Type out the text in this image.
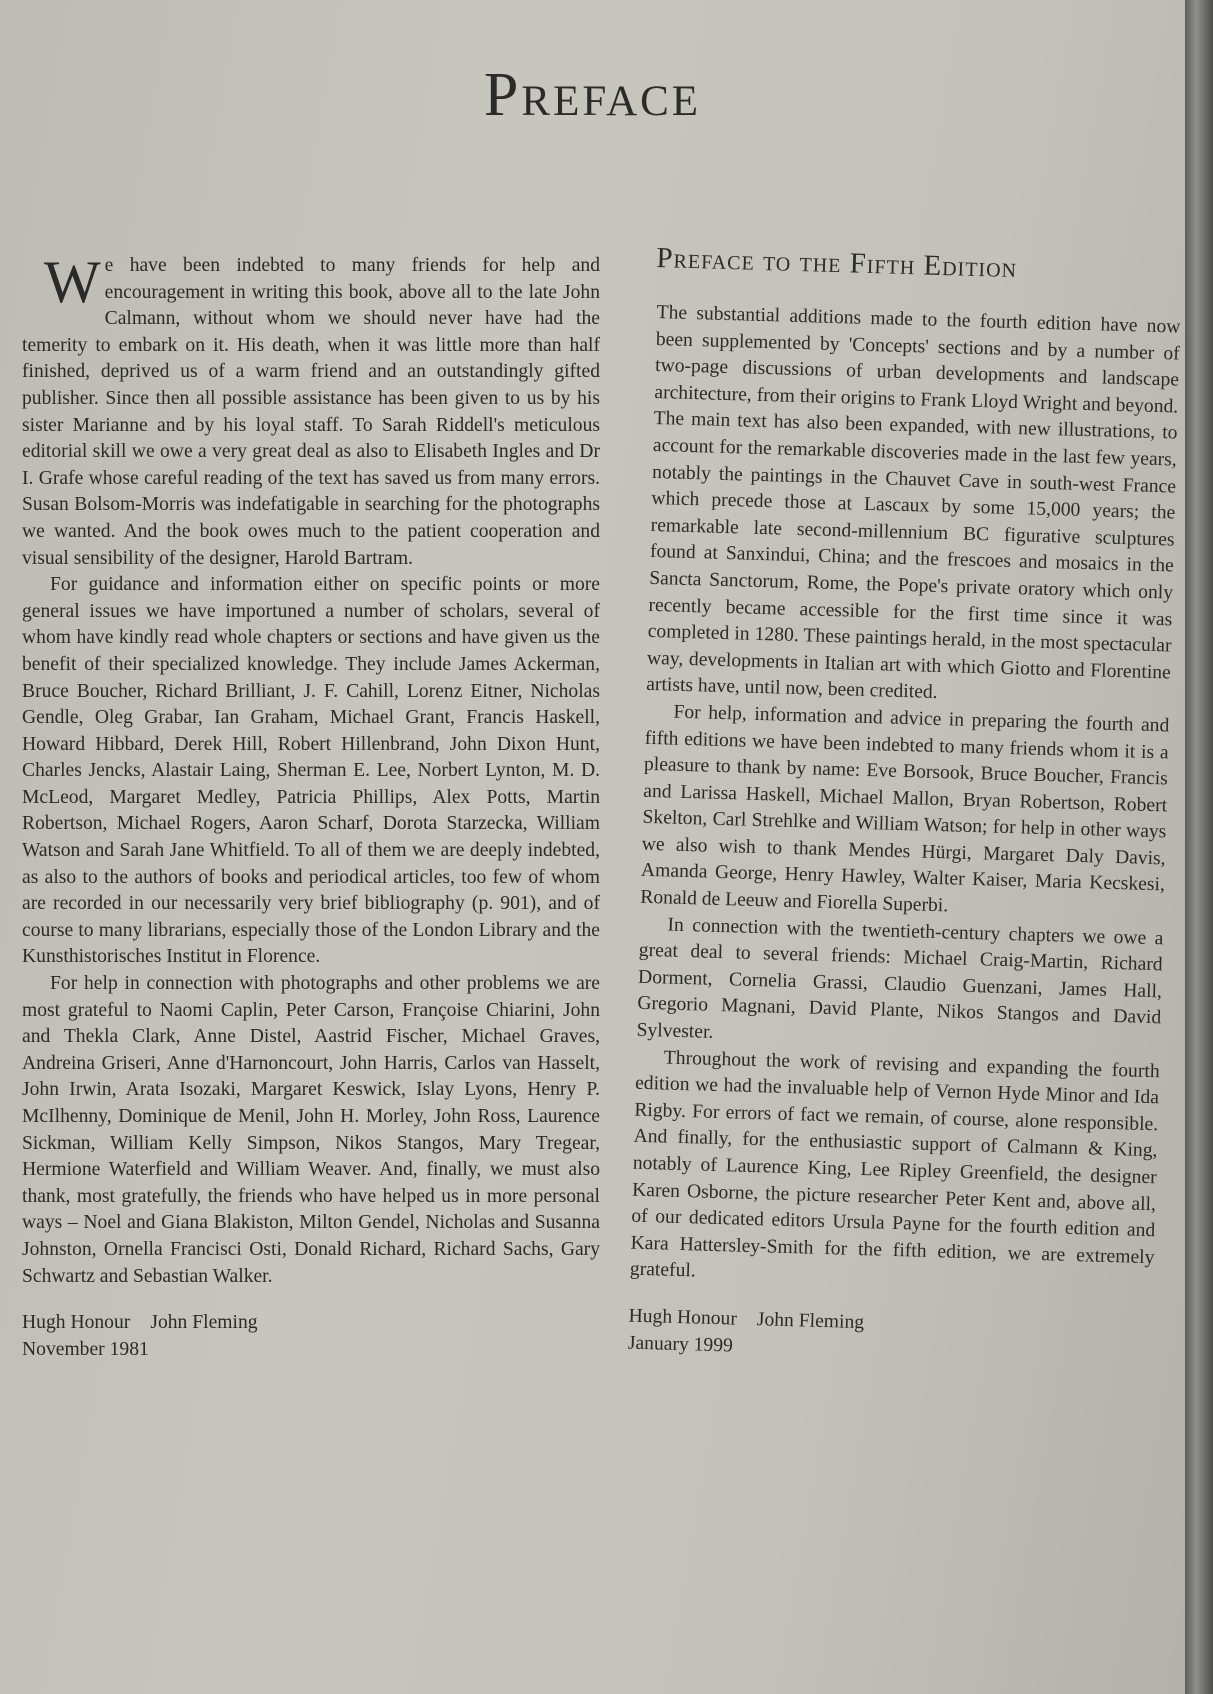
Preface

We have been indebted to many friends for help and encouragement in writing this book, above all to the late John Calmann, without whom we should never have had the temerity to embark on it. His death, when it was little more than half finished, deprived us of a warm friend and an outstandingly gifted publisher. Since then all possible assistance has been given to us by his sister Marianne and by his loyal staff. To Sarah Riddell's meticulous editorial skill we owe a very great deal as also to Elisabeth Ingles and Dr I. Grafe whose careful reading of the text has saved us from many errors. Susan Bolsom-Morris was indefatigable in searching for the photographs we wanted. And the book owes much to the patient cooperation and visual sensibility of the designer, Harold Bartram.

For guidance and information either on specific points or more general issues we have importuned a number of scholars, several of whom have kindly read whole chapters or sections and have given us the benefit of their specialized knowledge. They include James Ackerman, Bruce Boucher, Richard Brilliant, J. F. Cahill, Lorenz Eitner, Nicholas Gendle, Oleg Grabar, Ian Graham, Michael Grant, Francis Haskell, Howard Hibbard, Derek Hill, Robert Hillenbrand, John Dixon Hunt, Charles Jencks, Alastair Laing, Sherman E. Lee, Norbert Lynton, M. D. McLeod, Margaret Medley, Patricia Phillips, Alex Potts, Martin Robertson, Michael Rogers, Aaron Scharf, Dorota Starzecka, William Watson and Sarah Jane Whitfield. To all of them we are deeply indebted, as also to the authors of books and periodical articles, too few of whom are recorded in our necessarily very brief bibliography (p. 901), and of course to many librarians, especially those of the London Library and the Kunsthistorisches Institut in Florence.

For help in connection with photographs and other problems we are most grateful to Naomi Caplin, Peter Carson, Françoise Chiarini, John and Thekla Clark, Anne Distel, Aastrid Fischer, Michael Graves, Andreina Griseri, Anne d'Harnoncourt, John Harris, Carlos van Hasselt, John Irwin, Arata Isozaki, Margaret Keswick, Islay Lyons, Henry P. McIlhenny, Dominique de Menil, John H. Morley, John Ross, Laurence Sickman, William Kelly Simpson, Nikos Stangos, Mary Tregear, Hermione Waterfield and William Weaver. And, finally, we must also thank, most gratefully, the friends who have helped us in more personal ways – Noel and Giana Blakiston, Milton Gendel, Nicholas and Susanna Johnston, Ornella Francisci Osti, Donald Richard, Richard Sachs, Gary Schwartz and Sebastian Walker.

Hugh Honour John Fleming
November 1981
Preface to the Fifth Edition

The substantial additions made to the fourth edition have now been supplemented by 'Concepts' sections and by a number of two-page discussions of urban developments and landscape architecture, from their origins to Frank Lloyd Wright and beyond. The main text has also been expanded, with new illustrations, to account for the remarkable discoveries made in the last few years, notably the paintings in the Chauvet Cave in south-west France which precede those at Lascaux by some 15,000 years; the remarkable late second-millennium BC figurative sculptures found at Sanxindui, China; and the frescoes and mosaics in the Sancta Sanctorum, Rome, the Pope's private oratory which only recently became accessible for the first time since it was completed in 1280. These paintings herald, in the most spectacular way, developments in Italian art with which Giotto and Florentine artists have, until now, been credited.

For help, information and advice in preparing the fourth and fifth editions we have been indebted to many friends whom it is a pleasure to thank by name: Eve Borsook, Bruce Boucher, Francis and Larissa Haskell, Michael Mallon, Bryan Robertson, Robert Skelton, Carl Strehlke and William Watson; for help in other ways we also wish to thank Mendes Hürgi, Margaret Daly Davis, Amanda George, Henry Hawley, Walter Kaiser, Maria Kecskesi, Ronald de Leeuw and Fiorella Superbi.

In connection with the twentieth-century chapters we owe a great deal to several friends: Michael Craig-Martin, Richard Dorment, Cornelia Grassi, Claudio Guenzani, James Hall, Gregorio Magnani, David Plante, Nikos Stangos and David Sylvester.

Throughout the work of revising and expanding the fourth edition we had the invaluable help of Vernon Hyde Minor and Ida Rigby. For errors of fact we remain, of course, alone responsible. And finally, for the enthusiastic support of Calmann & King, notably of Laurence King, Lee Ripley Greenfield, the designer Karen Osborne, the picture researcher Peter Kent and, above all, of our dedicated editors Ursula Payne for the fourth edition and Kara Hattersley-Smith for the fifth edition, we are extremely grateful.

Hugh Honour John Fleming
January 1999
